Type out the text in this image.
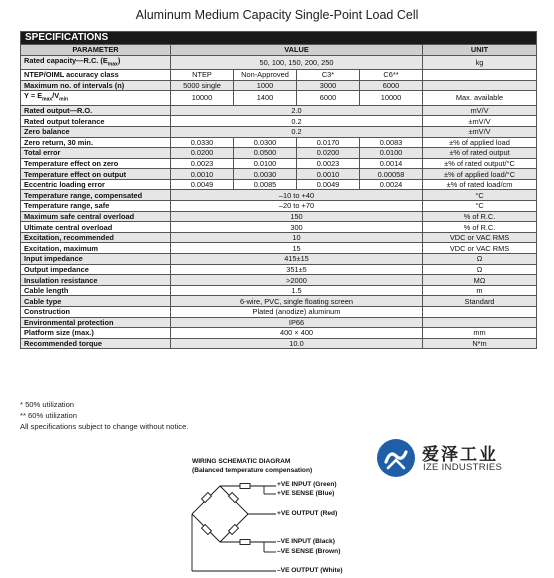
Aluminum Medium Capacity Single-Point Load Cell
SPECIFICATIONS					
PARAMETER	VALUE				UNIT
Rated capacity—R.C. $(E_{max})$	50, 100, 150, 200, 250				kg
NTEP/OIML accuracy class	NTEP	Non-Approved	C3*	C6**	
Maximum no. of intervals (n)	5000 single	1000	3000	6000	
$Y = E_{max}/V_{min}$	10000	1400	6000	10000	Max. available
Rated output—R.O.	2.0				mV/V
Rated output tolerance	0.2				±mV/V
Zero balance	0.2				±mV/V
Zero return, 30 min.	0.0330	0.0300	0.0170	0.0083	±% of applied load
Total error	0.0200	0.0500	0.0200	0.0100	±% of rated output
Temperature effect on zero	0.0023	0.0100	0.0023	0.0014	±% of rated output/°C
Temperature effect on output	0.0010	0.0030	0.0010	0.00058	±% of applied load/°C
Eccentric loading error	0.0049	0.0085	0.0049	0.0024	±% of rated load/cm
Temperature range, compensated	–10 to +40				°C
Temperature range, safe	–20 to +70				°C
Maximum safe central overload	150				% of R.C.
Ultimate central overload	300				% of R.C.
Excitation, recommended	10				VDC or VAC RMS
Excitation, maximum	15				VDC or VAC RMS
Input impedance	415±15				Ω
Output impedance	351±5				Ω
Insulation resistance	>2000				MΩ
Cable length	1.5				m
Cable type	6-wire, PVC, single floating screen				Standard
Construction	Plated (anodize) aluminum				
Environmental protection	IP66				
Platform size (max.)	400 × 400				mm
Recommended torque	10.0				N*m
* 50% utilization
** 60% utilization
All specifications subject to change without notice.
爱泽工业
IZE INDUSTRIES
WIRING SCHEMATIC DIAGRAM
(Balanced temperature compensation)
+VE INPUT (Green)
+VE SENSE (Blue)
+VE OUTPUT (Red)
–VE INPUT (Black)
–VE SENSE (Brown)
–VE OUTPUT (White)
